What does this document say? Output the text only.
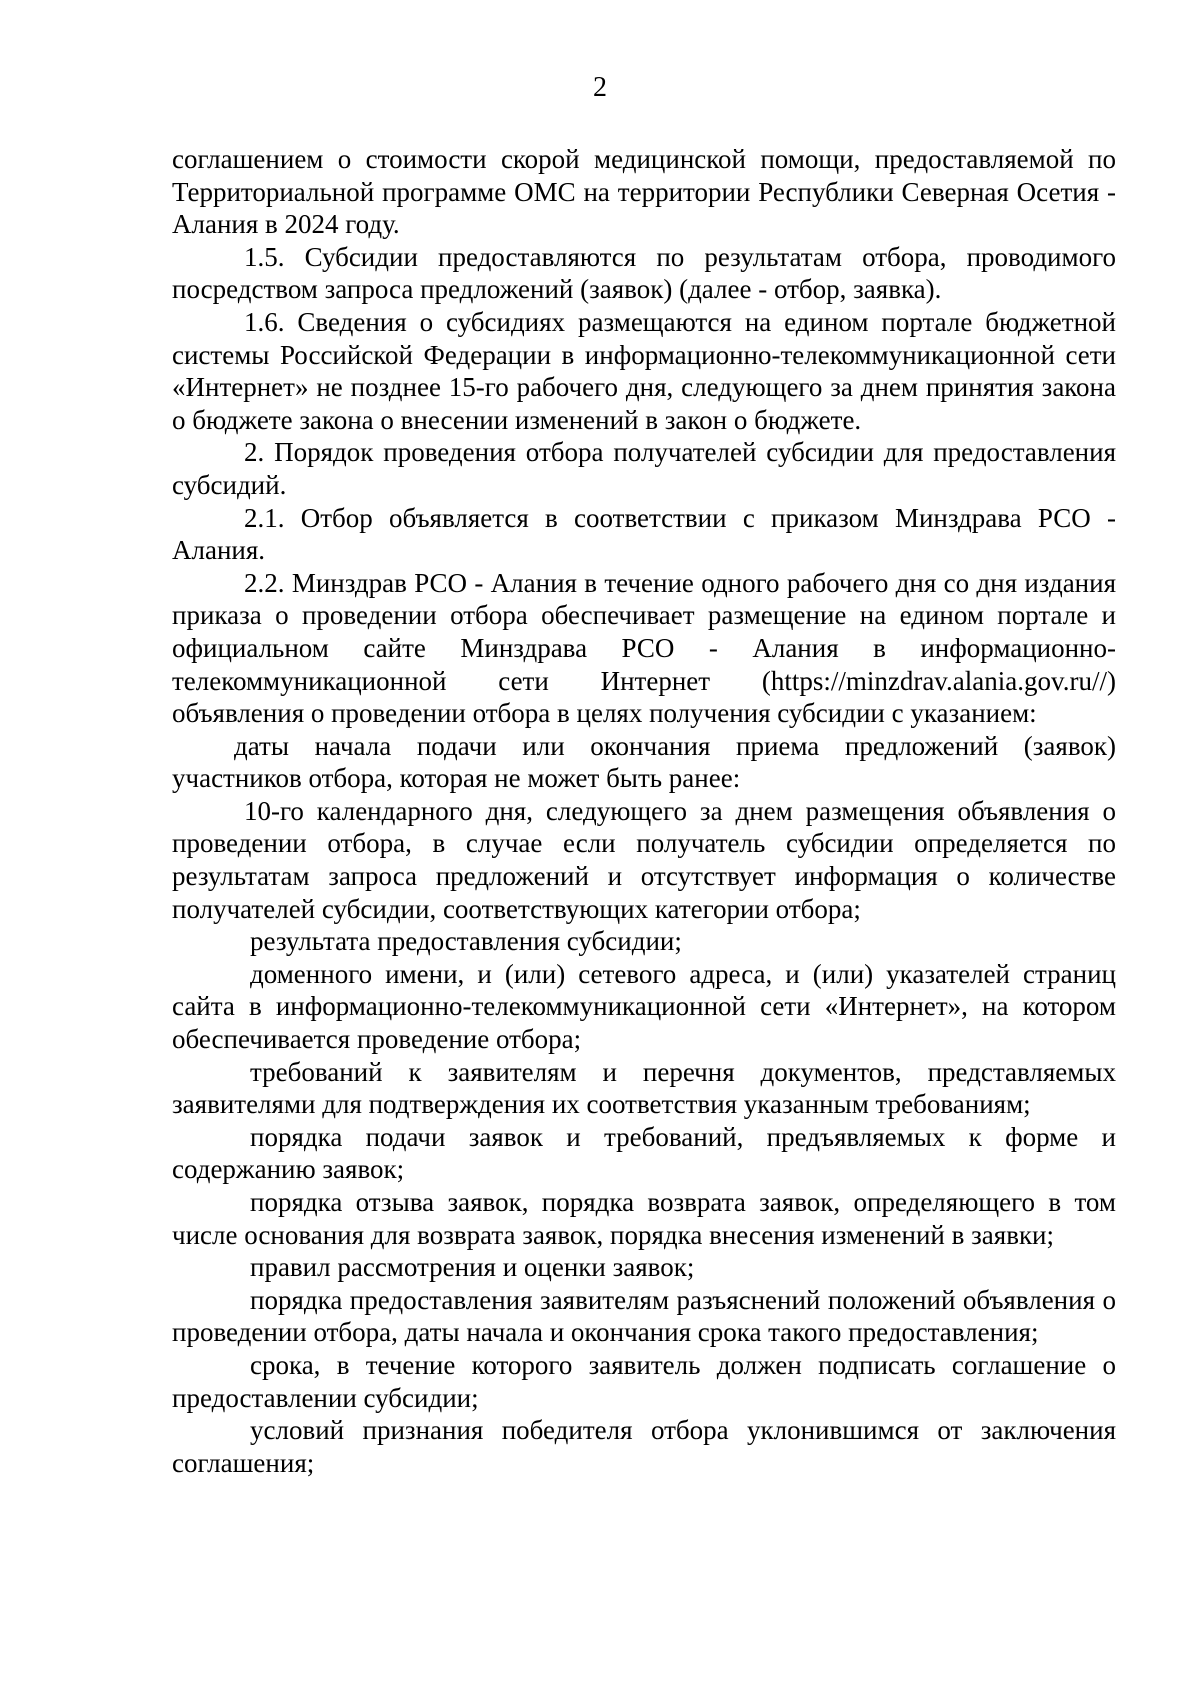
2

соглашением о стоимости скорой медицинской помощи, предоставляемой по Территориальной программе ОМС на территории Республики Северная Осетия - Алания в 2024 году.

1.5. Субсидии предоставляются по результатам отбора, проводимого посредством запроса предложений (заявок) (далее - отбор, заявка).

1.6. Сведения о субсидиях размещаются на едином портале бюджетной системы Российской Федерации в информационно-телекоммуникационной сети «Интернет» не позднее 15-го рабочего дня, следующего за днем принятия закона о бюджете закона о внесении изменений в закон о бюджете.

2. Порядок проведения отбора получателей субсидии для предоставления субсидий.

2.1. Отбор объявляется в соответствии с приказом Минздрава РСО - Алания.

2.2. Минздрав РСО - Алания в течение одного рабочего дня со дня издания приказа о проведении отбора обеспечивает размещение на едином портале и официальном сайте Минздрава РСО - Алания в информационно-телекоммуникационной сети Интернет (https://minzdrav.alania.gov.ru//) объявления о проведении отбора в целях получения субсидии с указанием:

даты начала подачи или окончания приема предложений (заявок) участников отбора, которая не может быть ранее:

10-го календарного дня, следующего за днем размещения объявления о проведении отбора, в случае если получатель субсидии определяется по результатам запроса предложений и отсутствует информация о количестве получателей субсидии, соответствующих категории отбора;

результата предоставления субсидии;

доменного имени, и (или) сетевого адреса, и (или) указателей страниц сайта в информационно-телекоммуникационной сети «Интернет», на котором обеспечивается проведение отбора;

требований к заявителям и перечня документов, представляемых заявителями для подтверждения их соответствия указанным требованиям;

порядка подачи заявок и требований, предъявляемых к форме и содержанию заявок;

порядка отзыва заявок, порядка возврата заявок, определяющего в том числе основания для возврата заявок, порядка внесения изменений в заявки;

правил рассмотрения и оценки заявок;

порядка предоставления заявителям разъяснений положений объявления о проведении отбора, даты начала и окончания срока такого предоставления;

срока, в течение которого заявитель должен подписать соглашение о предоставлении субсидии;

условий признания победителя отбора уклонившимся от заключения соглашения;
